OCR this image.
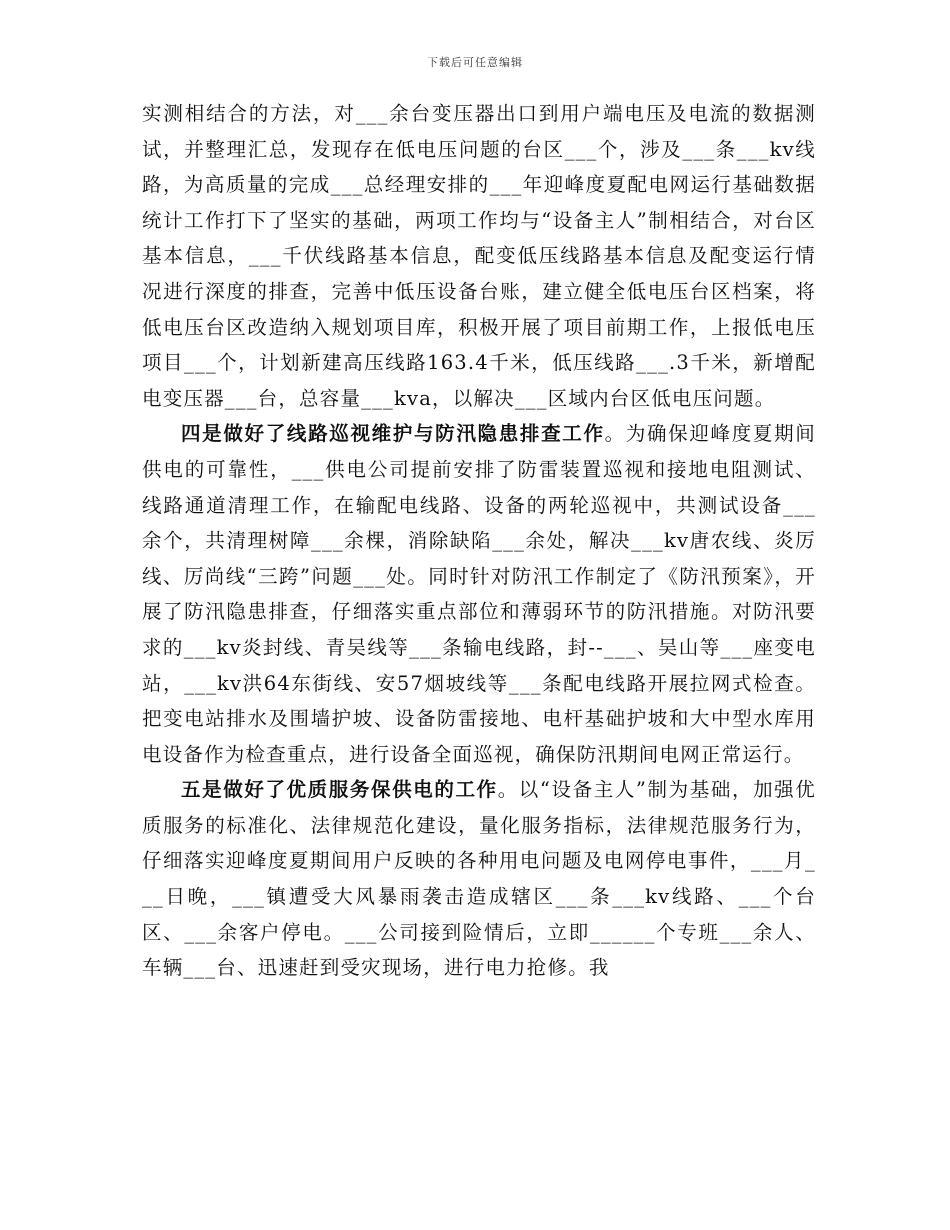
下载后可任意编辑

实测相结合的方法，对___余台变压器出口到用户端电压及电流的数据测试，并整理汇总，发现存在低电压问题的台区___个，涉及___条___kv线路，为高质量的完成___总经理安排的___年迎峰度夏配电网运行基础数据统计工作打下了坚实的基础，两项工作均与“设备主人”制相结合，对台区基本信息，___千伏线路基本信息，配变低压线路基本信息及配变运行情况进行深度的排查，完善中低压设备台账，建立健全低电压台区档案，将低电压台区改造纳入规划项目库，积极开展了项目前期工作，上报低电压项目___个，计划新建高压线路163.4千米，低压线路___.3千米，新增配电变压器___台，总容量___kva，以解决___区域内台区低电压问题。

四是做好了线路巡视维护与防汛隐患排查工作。为确保迎峰度夏期间供电的可靠性，___供电公司提前安排了防雷装置巡视和接地电阻测试、线路通道清理工作，在输配电线路、设备的两轮巡视中，共测试设备___余个，共清理树障___余棵，消除缺陷___余处，解决___kv唐农线、炎厉线、厉尚线“三跨”问题___处。同时针对防汛工作制定了《防汛预案》，开展了防汛隐患排查，仔细落实重点部位和薄弱环节的防汛措施。对防汛要求的___kv炎封线、青吴线等___条输电线路，封--___、吴山等___座变电站，___kv洪64东街线、安57烟坡线等___条配电线路开展拉网式检查。把变电站排水及围墙护坡、设备防雷接地、电杆基础护坡和大中型水库用电设备作为检查重点，进行设备全面巡视，确保防汛期间电网正常运行。

五是做好了优质服务保供电的工作。以“设备主人”制为基础，加强优质服务的标准化、法律规范化建设，量化服务指标，法律规范服务行为，仔细落实迎峰度夏期间用户反映的各种用电问题及电网停电事件，___月___日晚，___镇遭受大风暴雨袭击造成辖区___条___kv线路、___个台区、___余客户停电。___公司接到险情后，立即______个专班___余人、车辆___台、迅速赶到受灾现场，进行电力抢修。我
